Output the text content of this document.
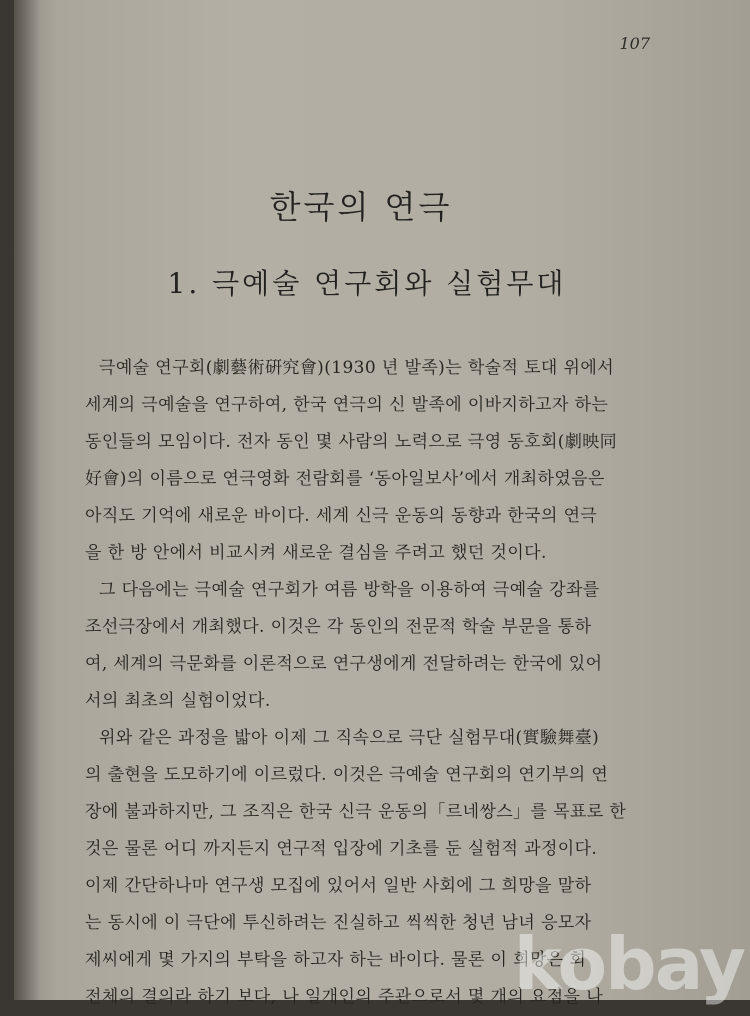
107
한국의 연극
1. 극예술 연구회와 실험무대
극예술 연구회(劇藝術硏究會)(1930 년 발족)는 학술적 토대 위에서
세계의 극예술을 연구하여, 한국 연극의 신 발족에 이바지하고자 하는
동인들의 모임이다. 전자 동인 몇 사람의 노력으로 극영 동호회(劇映同
好會)의 이름으로 연극영화 전람회를 ‘동아일보사’에서 개최하였음은
아직도 기억에 새로운 바이다. 세계 신극 운동의 동향과 한국의 연극
을 한 방 안에서 비교시켜 새로운 결심을 주려고 했던 것이다.
그 다음에는 극예술 연구회가 여름 방학을 이용하여 극예술 강좌를
조선극장에서 개최했다. 이것은 각 동인의 전문적 학술 부문을 통하
여, 세계의 극문화를 이론적으로 연구생에게 전달하려는 한국에 있어
서의 최초의 실험이었다.
위와 같은 과정을 밟아 이제 그 직속으로 극단 실험무대(實驗舞臺)
의 출현을 도모하기에 이르렀다. 이것은 극예술 연구회의 연기부의 연
장에 불과하지만, 그 조직은 한국 신극 운동의「르네쌍스」를 목표로 한
것은 물론 어디 까지든지 연구적 입장에 기초를 둔 실험적 과정이다.
이제 간단하나마 연구생 모집에 있어서 일반 사회에 그 희망을 말하
는 동시에 이 극단에 투신하려는 진실하고 씩씩한 청년 남녀 응모자
제씨에게 몇 가지의 부탁을 하고자 하는 바이다. 물론 이 희망은 회
전체의 결의라 하기 보다, 나 일개인의 주관으로서 몇 개의 요점을 나
kobay
